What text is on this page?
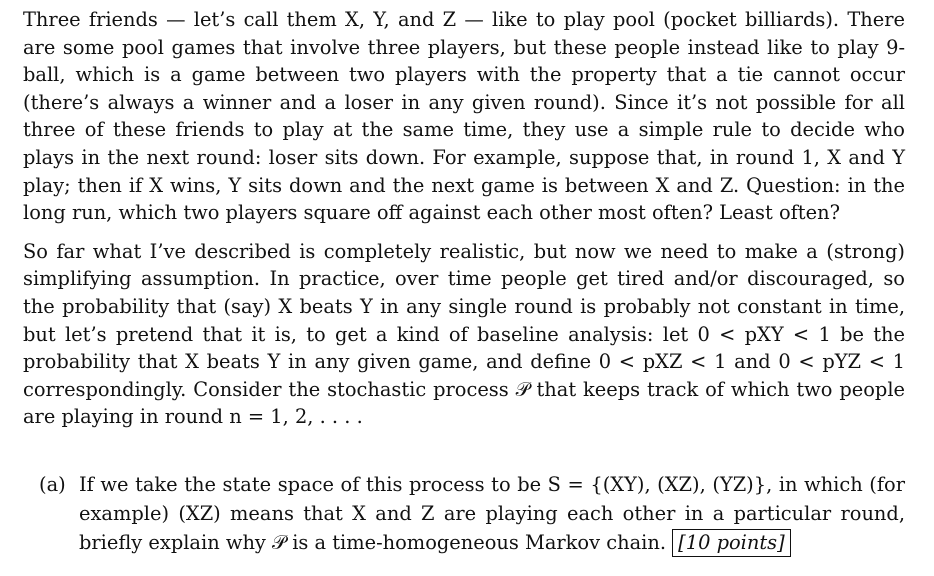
Three friends — let’s call them X, Y, and Z — like to play pool (pocket billiards). There are some pool games that involve three players, but these people instead like to play 9-ball, which is a game between two players with the property that a tie cannot occur (there’s always a winner and a loser in any given round). Since it’s not possible for all three of these friends to play at the same time, they use a simple rule to decide who plays in the next round: loser sits down. For example, suppose that, in round 1, X and Y play; then if X wins, Y sits down and the next game is between X and Z. Question: in the long run, which two players square off against each other most often? Least often?

So far what I’ve described is completely realistic, but now we need to make a (strong) simplifying assumption. In practice, over time people get tired and/or discouraged, so the probability that (say) X beats Y in any single round is probably not constant in time, but let’s pretend that it is, to get a kind of baseline analysis: let 0 < pXY < 1 be the probability that X beats Y in any given game, and define 0 < pXZ < 1 and 0 < pYZ < 1 correspondingly. Consider the stochastic process 𝒫 that keeps track of which two people are playing in round n = 1, 2, . . . .

(a) If we take the state space of this process to be S = {(XY), (XZ), (YZ)}, in which (for example) (XZ) means that X and Z are playing each other in a particular round, briefly explain why 𝒫 is a time-homogeneous Markov chain. [10 points]
